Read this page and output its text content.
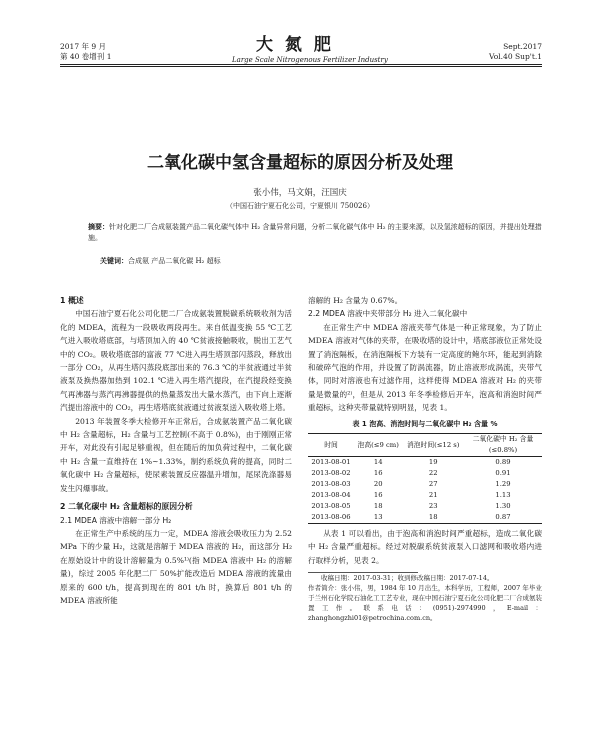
2017 年 9 月
第 40 卷增刊 1
大 氮 肥
Large Scale Nitrogenous Fertilizer Industry
Sept.2017
Vol.40 Sup't.1
二氧化碳中氢含量超标的原因分析及处理
张小伟，马文娟，汪国庆
（中国石油宁夏石化公司，宁夏银川 750026）
摘要：针对化肥二厂合成氨装置产品二氧化碳气体中 H₂ 含量异常问题，分析二氧化碳气体中 H₂ 的主要来源，以及氢浓超标的原因，并提出处理措施。
关键词：合成氨 产品二氧化碳 H₂ 超标
1 概述

中国石油宁夏石化公司化肥二厂合成氨装置脱碳系统吸收剂为活化的 MDEA，流程为一段吸收两段再生。来自低温变换 55 ℃工艺气进入吸收塔底部，与塔顶加入的 40 ℃贫液接触吸收，脱出工艺气中的 CO₂。吸收塔底部的富液 77 ℃进入再生塔顶部闪蒸段，释放出一部分 CO₂，从再生塔闪蒸段底部出来的 76.3 ℃的半贫液通过半贫液泵及换热器加热到 102.1 ℃进入再生塔汽提段，在汽提段经变换气再沸器与蒸汽再沸器提供的热量蒸发出大量水蒸汽，由下向上逐渐汽提出溶液中的 CO₂，再生塔塔底贫液通过贫液泵送入吸收塔上塔。

2013 年装置冬季大检修开车正常后，合成氨装置产品二氧化碳中 H₂ 含量超标，H₂ 含量与工艺控制(不高于 0.8%)，由于刚刚正常开车，对此没有引起足够重视，但在随后的加负荷过程中，二氧化碳中 H₂ 含量一直维持在 1%~1.33%，制约系统负荷的提高，同时二氧化碳中 H₂ 含量超标，使尿素装置反应器温升增加，尾尿洗涤器易发生闪爆事故。

2 二氧化碳中 H₂ 含量超标的原因分析
2.1 MDEA 溶液中溶解一部分 H₂

在正常生产中系统的压力一定，MDEA 溶液会吸收压力为 2.52 MPa 下的少量 H₂，这就是溶解于 MDEA 溶液的 H₂，而这部分 H₂ 在原始设计中的设计溶解量为 0.5%¹⁾(指 MDEA 溶液中 H₂ 的溶解量)，综过 2005 年化肥二厂 50%扩能改造后 MDEA 溶液的流量由原来的 600 t/h，提高到现在的 801 t/h 时，换算后 801 t/h 的 MDEA 溶液所能

溶解的 H₂ 含量为 0.67%。

2.2 MDEA 溶液中夹带部分 H₂ 进入二氧化碳中

在正常生产中 MDEA 溶液夹带气体是一种正常现象，为了防止 MDEA 溶液对气体的夹带，在吸收塔的设计中，塔底部液位正常处设置了消泡隔板，在消泡隔板下方装有一定高度的鲍尔环，能起到消除和破碎气泡的作用，并设置了防涡流器，防止溶液形成涡流，夹带气体，同时对溶液也有过滤作用，这样使得 MDEA 溶液对 H₂ 的夹带量是微量的²⁾，但是从 2013 年冬季检修后开车，泡高和消泡时间严重超标，这种夹带量就特别明显，见表 1。

表 1 泡高、消泡时间与二氧化碳中 H₂ 含量 %
时间	泡高(≤9 cm)	消泡时间(≤12 s)	二氧化碳中 H₂ 含量(≤0.8%)
2013-08-01	14	19	0.89
2013-08-02	16	22	0.91
2013-08-03	20	27	1.29
2013-08-04	16	21	1.13
2013-08-05	18	23	1.30
2013-08-06	13	18	0.87

从表 1 可以看出，由于泡高和消泡时间严重超标，造成二氧化碳中 H₂ 含量严重超标。经过对脱碳系统贫液泵入口滤网和吸收塔内进行取样分析，见表 2。

收稿日期：2017-03-31；收到修改稿日期：2017-07-14。
作者简介：张小伟，男，1984 年 10 月出生，本科学历，工程师，2007 年毕业于兰州石化学院石油化工工艺专业，现在中国石油宁夏石化公司化肥二厂合成氨装置工作。联系电话：(0951)-2974990，E-mail：zhanghongzhi01@petrochina.com.cn。
